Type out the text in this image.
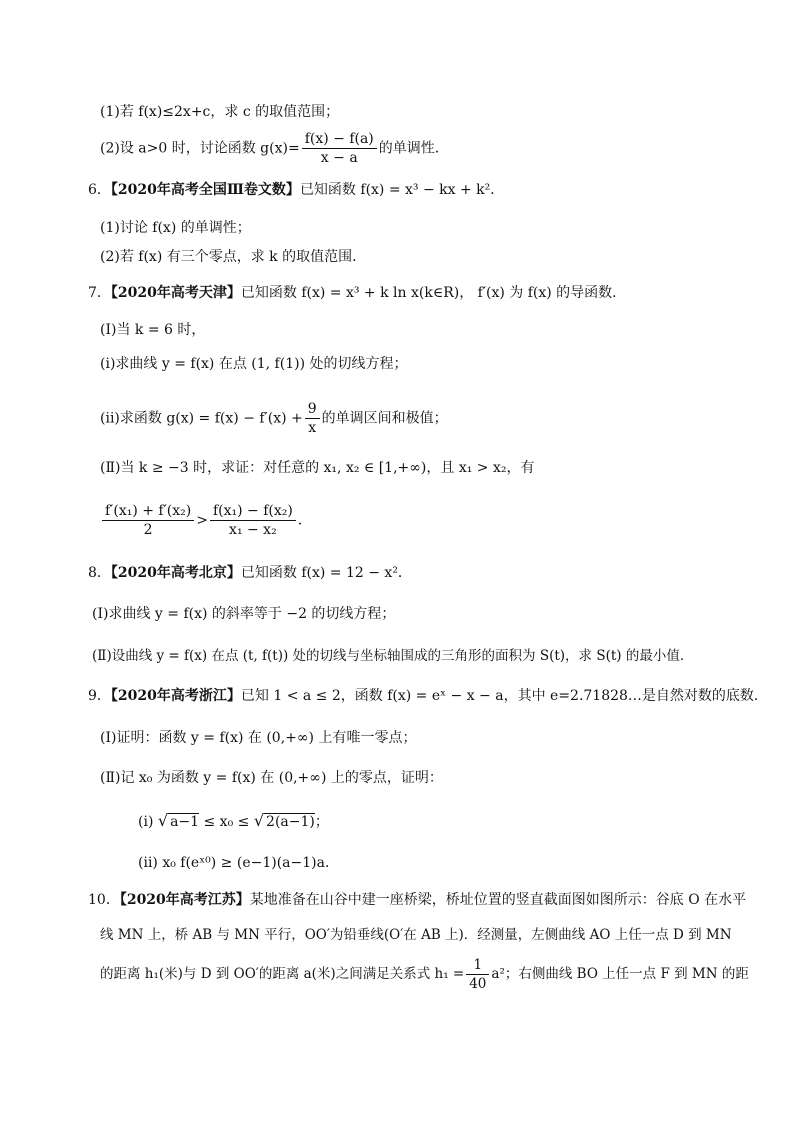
(1)若 f(x)≤2x+c，求 c 的取值范围；
(2)设 a>0 时，讨论函数 $g(x)= \frac{f(x) - f(a)}{x - a}$ 的单调性．
6．【2020年高考全国Ⅲ卷文数】已知函数 f(x) = x³ − kx + k²．
(1)讨论 f(x) 的单调性；
(2)若 f(x) 有三个零点，求 k 的取值范围．
7．【2020年高考天津】已知函数 f(x) = x³ + k ln x(k∈R)， f′(x) 为 f(x) 的导函数．
(Ⅰ)当 k = 6 时，
(i)求曲线 y = f(x) 在点 (1, f(1)) 处的切线方程；
(ii)求函数 $g(x) = f(x) - f'(x) + \frac{9}{x}$ 的单调区间和极值；
(Ⅱ)当 k ≥ −3 时，求证：对任意的 x₁, x₂ ∈ [1,+∞)，且 x₁ > x₂，有
$\frac{\text{f′(x₁) + f′(x₂)}}{2} > \frac{\text{f(x₁) − f(x₂)}}{\text{x₁ − x₂}}$ ．
8．【2020年高考北京】已知函数 f(x) = 12 − x²．
(Ⅰ)求曲线 y = f(x) 的斜率等于 −2 的切线方程；
(Ⅱ)设曲线 y = f(x) 在点 (t, f(t)) 处的切线与坐标轴围成的三角形的面积为 S(t)，求 S(t) 的最小值．
9．【2020年高考浙江】已知 1 < a ≤ 2，函数 f(x) = eˣ − x − a，其中 e=2.71828…是自然对数的底数．
(Ⅰ)证明：函数 y = f(x) 在 (0,+∞) 上有唯一零点；
(Ⅱ)记 x₀ 为函数 y = f(x) 在 (0,+∞) 上的零点，证明：
(ⅰ) √ a−1 ≤ x₀ ≤ √ 2(a−1)；
(ⅱ) x₀ f(eˣ⁰) ≥ (e−1)(a−1)a．
10．【2020年高考江苏】某地准备在山谷中建一座桥梁，桥址位置的竖直截面图如图所示：谷底 O 在水平
线 MN 上，桥 AB 与 MN 平行，OO′为铅垂线(O′在 AB 上)．经测量，左侧曲线 AO 上任一点 D 到 MN
的距离 h₁(米)与 D 到 OO′的距离 a(米)之间满足关系式 $h_1 = \frac{1}{40} a^2$；右侧曲线 BO 上任一点 F 到 MN 的距
